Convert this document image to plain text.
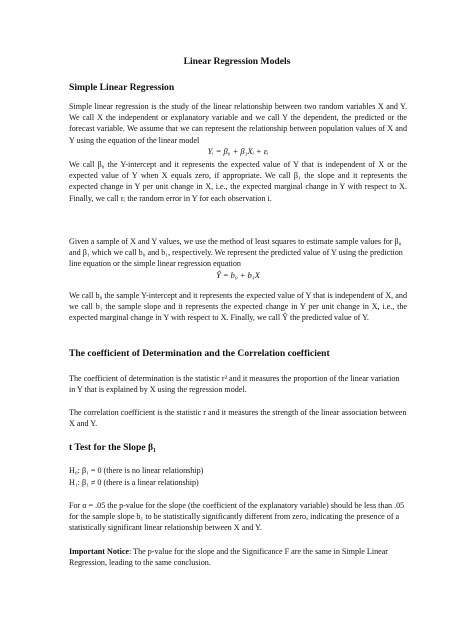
Linear Regression Models
Simple Linear Regression
Simple linear regression is the study of the linear relationship between two random variables X and Y. We call X the independent or explanatory variable and we call Y the dependent, the predicted or the forecast variable. We assume that we can represent the relationship between population values of X and Y using the equation of the linear model
Yᵢ = β₀ + β₁Xᵢ + εᵢ
We call β₀ the Y-intercept and it represents the expected value of Y that is independent of X or the expected value of Y when X equals zero, if appropriate. We call β₁ the slope and it represents the expected change in Y per unit change in X, i.e., the expected marginal change in Y with respect to X. Finally, we call εᵢ the random error in Y for each observation i.
Given a sample of X and Y values, we use the method of least squares to estimate sample values for β₀ and β₁ which we call b₀ and b₁, respectively. We represent the predicted value of Y using the prediction line equation or the simple linear regression equation
Ŷ = b₀ + b₁X
We call b₀ the sample Y-intercept and it represents the expected value of Y that is independent of X, and we call b₁ the sample slope and it represents the expected change in Y per unit change in X, i.e., the expected marginal change in Y with respect to X. Finally, we call Ŷ the predicted value of Y.
The coefficient of Determination and the Correlation coefficient
The coefficient of determination is the statistic r² and it measures the proportion of the linear variation in Y that is explained by X using the regression model.
The correlation coefficient is the statistic r and it measures the strength of the linear association between X and Y.
t Test for the Slope β₁
H₀: β₁ = 0 (there is no linear relationship)
H₁: β₁ ≠ 0 (there is a linear relationship)
For α = .05 the p-value for the slope (the coefficient of the explanatory variable) should be less than .05 for the sample slope b₁ to be statistically significantly different from zero, indicating the presence of a statistically significant linear relationship between X and Y.
Important Notice: The p-value for the slope and the Significance F are the same in Simple Linear Regression, leading to the same conclusion.
